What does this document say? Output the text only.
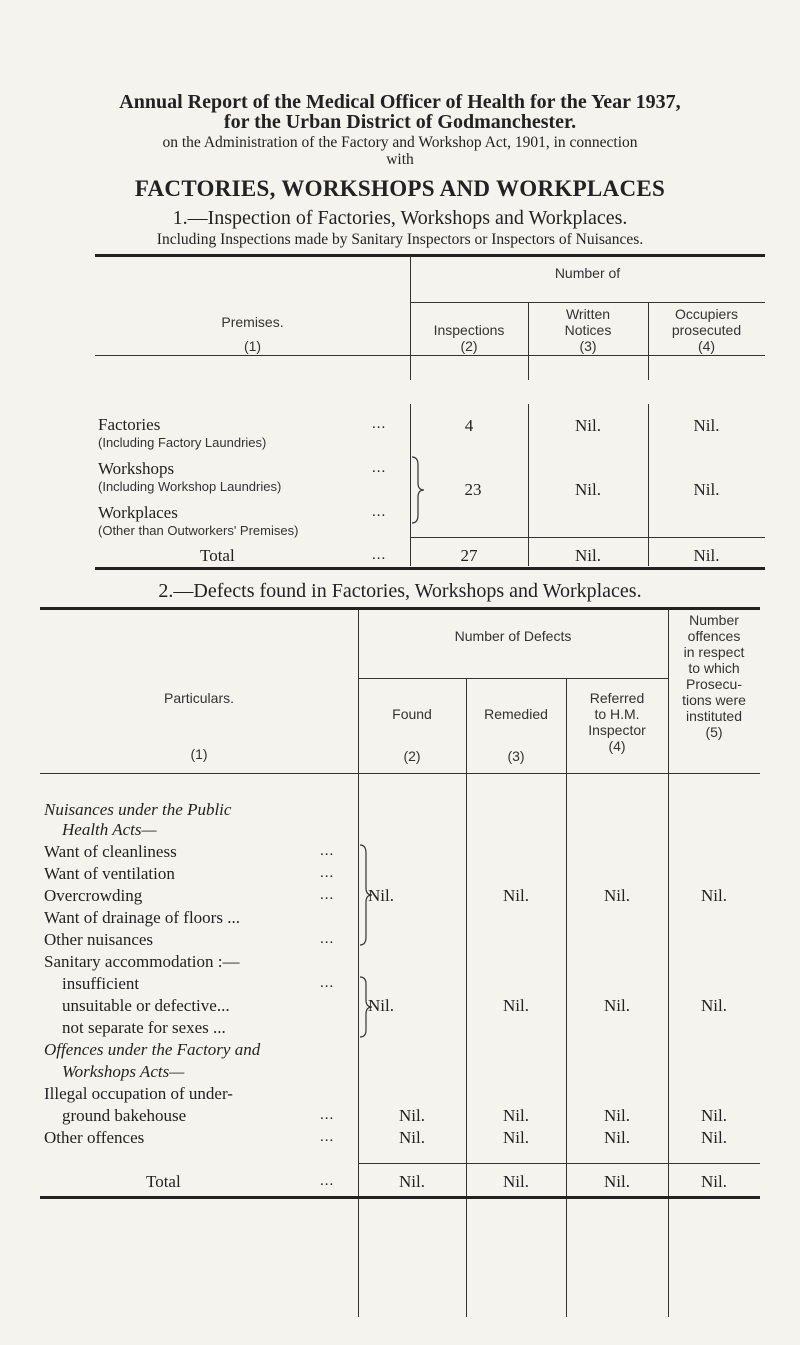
Annual Report of the Medical Officer of Health for the Year 1937,
for the Urban District of Godmanchester.
on the Administration of the Factory and Workshop Act, 1901, in connection
with
FACTORIES, WORKSHOPS AND WORKPLACES
1.—Inspection of Factories, Workshops and Workplaces.
Including Inspections made by Sanitary Inspectors or Inspectors of Nuisances.
Number of
Premises.
(1)
Inspections
(2)
Written
Notices
(3)
Occupiers
prosecuted
(4)
Factories
(Including Factory Laundries)
...	4	Nil.	Nil.
Workshops
(Including Workshop Laundries)
...
Workplaces
(Other than Outworkers' Premises)
...
23	Nil.	Nil.
Total	...	27	Nil.	Nil.
2.—Defects found in Factories, Workshops and Workplaces.
Number of Defects
Particulars.
(1)
Found
(2)
Remedied
(3)
Referred
to H.M.
Inspector
(4)
Number
offences
in respect
to which
Prosecu-
tions were
instituted
(5)
Nuisances under the Public
Health Acts—
Want of cleanliness	...
Want of ventilation	...
Overcrowding	...
Want of drainage of floors ...
Other nuisances	...
Nil.	Nil.	Nil.	Nil.
Sanitary accommodation :—
insufficient	...
unsuitable or defective...
not separate for sexes ...
Nil.	Nil.	Nil.	Nil.
Offences under the Factory and
Workshops Acts—
Illegal occupation of under-
ground bakehouse	...	Nil.	Nil.	Nil.	Nil.
Other offences	...	Nil.	Nil.	Nil.	Nil.
Total	...	Nil.	Nil.	Nil.	Nil.
